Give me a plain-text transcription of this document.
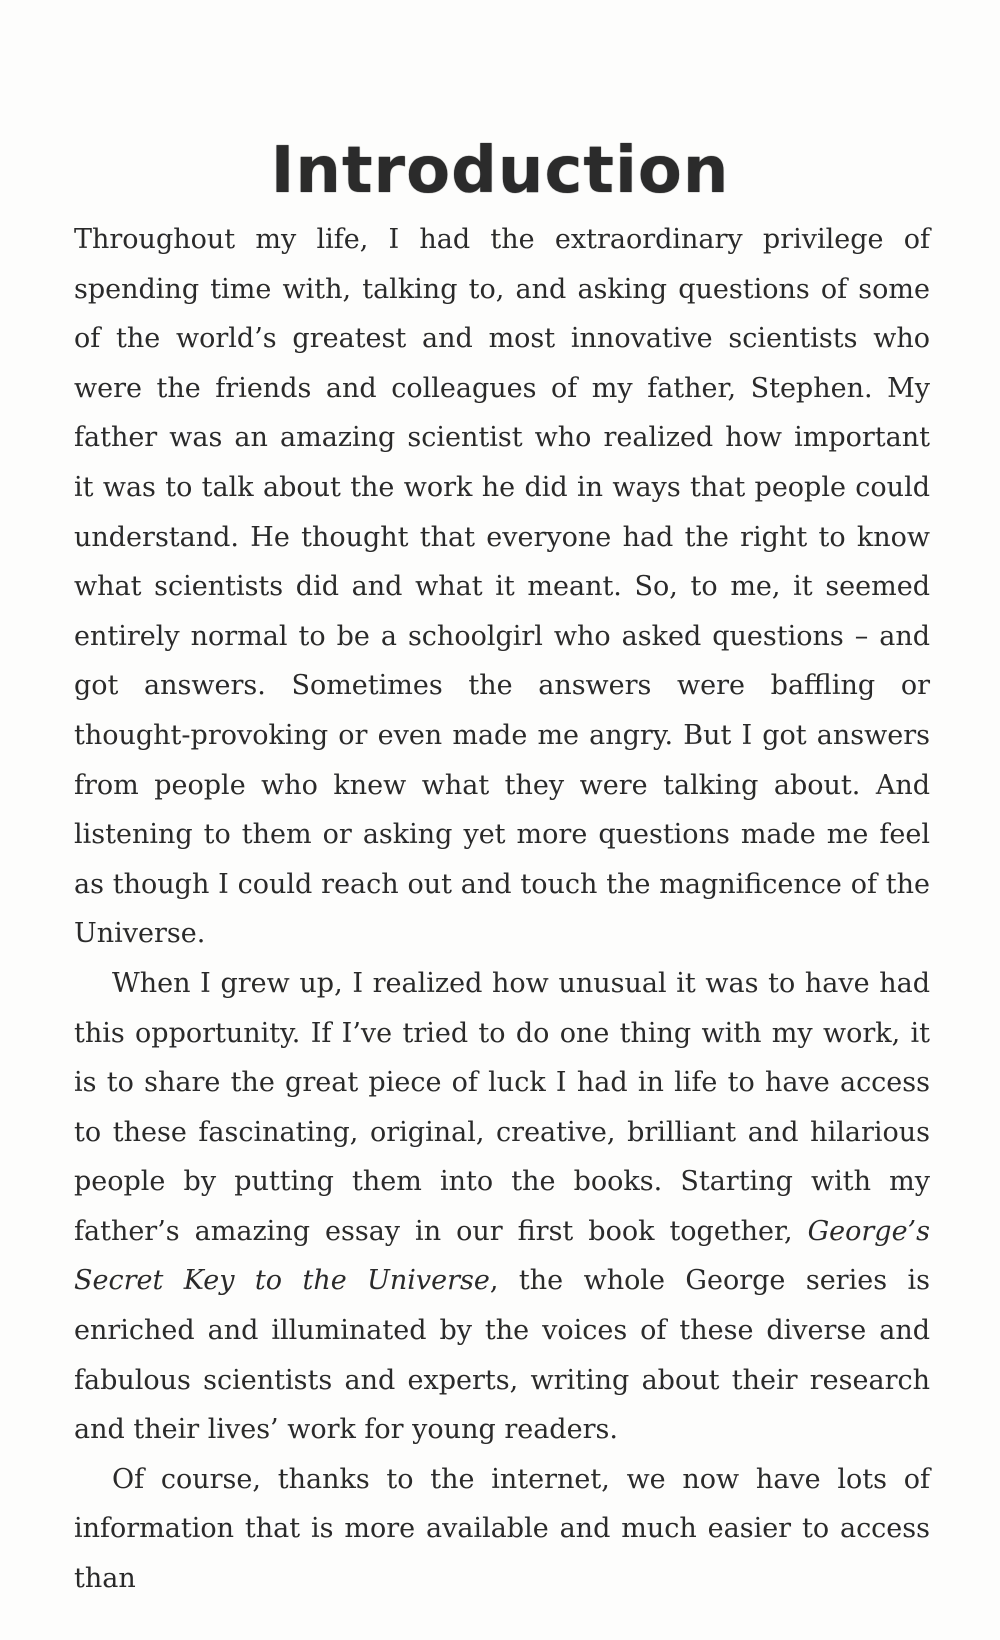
Introduction

Throughout my life, I had the extraordinary privilege of spending time with, talking to, and asking questions of some of the world’s greatest and most innovative scientists who were the friends and colleagues of my father, Stephen. My father was an amazing scientist who realized how important it was to talk about the work he did in ways that people could understand. He thought that everyone had the right to know what scientists did and what it meant. So, to me, it seemed entirely normal to be a schoolgirl who asked questions – and got answers. Sometimes the answers were baffling or thought-provoking or even made me angry. But I got answers from people who knew what they were talking about. And listening to them or asking yet more questions made me feel as though I could reach out and touch the magnificence of the Universe.

When I grew up, I realized how unusual it was to have had this opportunity. If I’ve tried to do one thing with my work, it is to share the great piece of luck I had in life to have access to these fascinating, original, creative, brilliant and hilarious people by putting them into the books. Starting with my father’s amazing essay in our first book together, George’s Secret Key to the Universe, the whole George series is enriched and illuminated by the voices of these diverse and fabulous scientists and experts, writing about their research and their lives’ work for young readers.

Of course, thanks to the internet, we now have lots of information that is more available and much easier to access than
